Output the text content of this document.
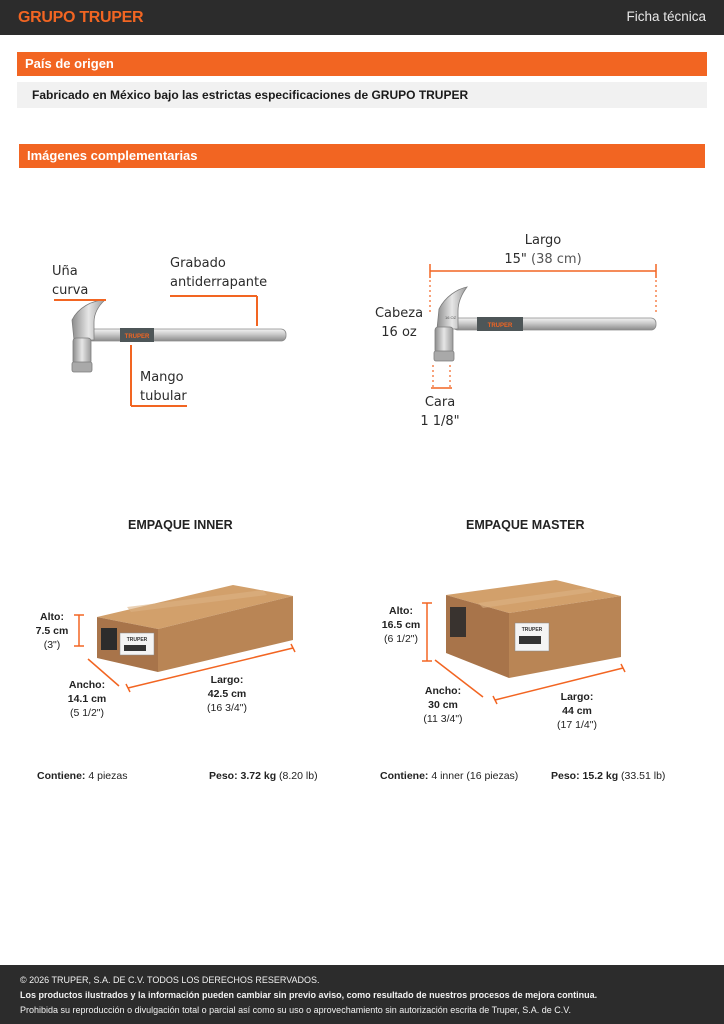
GRUPO TRUPER	Ficha técnica
País de origen
Fabricado en México bajo las estrictas especificaciones de GRUPO TRUPER
Imágenes complementarias
TRUPER
Uña
curva
Grabado
antiderrapante
Mango
tubular
TRUPER
16 OZ
Largo
15" (38 cm)
Cabeza
16 oz
Cara
1 1/8"
EMPAQUE INNER
TRUPER
Alto:
7.5 cm
(3")
Ancho:
14.1 cm
(5 1/2")
Largo:
42.5 cm
(16 3/4")
Contiene: 4 piezas	Peso: 3.72 kg (8.20 lb)
EMPAQUE MASTER
TRUPER
Alto:
16.5 cm
(6 1/2")
Ancho:
30 cm
(11 3/4")
Largo:
44 cm
(17 1/4")
Contiene: 4 inner (16 piezas)	Peso: 15.2 kg (33.51 lb)
© 2026 TRUPER, S.A. DE C.V. TODOS LOS DERECHOS RESERVADOS.
Los productos ilustrados y la información pueden cambiar sin previo aviso, como resultado de nuestros procesos de mejora continua.
Prohibida su reproducción o divulgación total o parcial así como su uso o aprovechamiento sin autorización escrita de Truper, S.A. de C.V.
